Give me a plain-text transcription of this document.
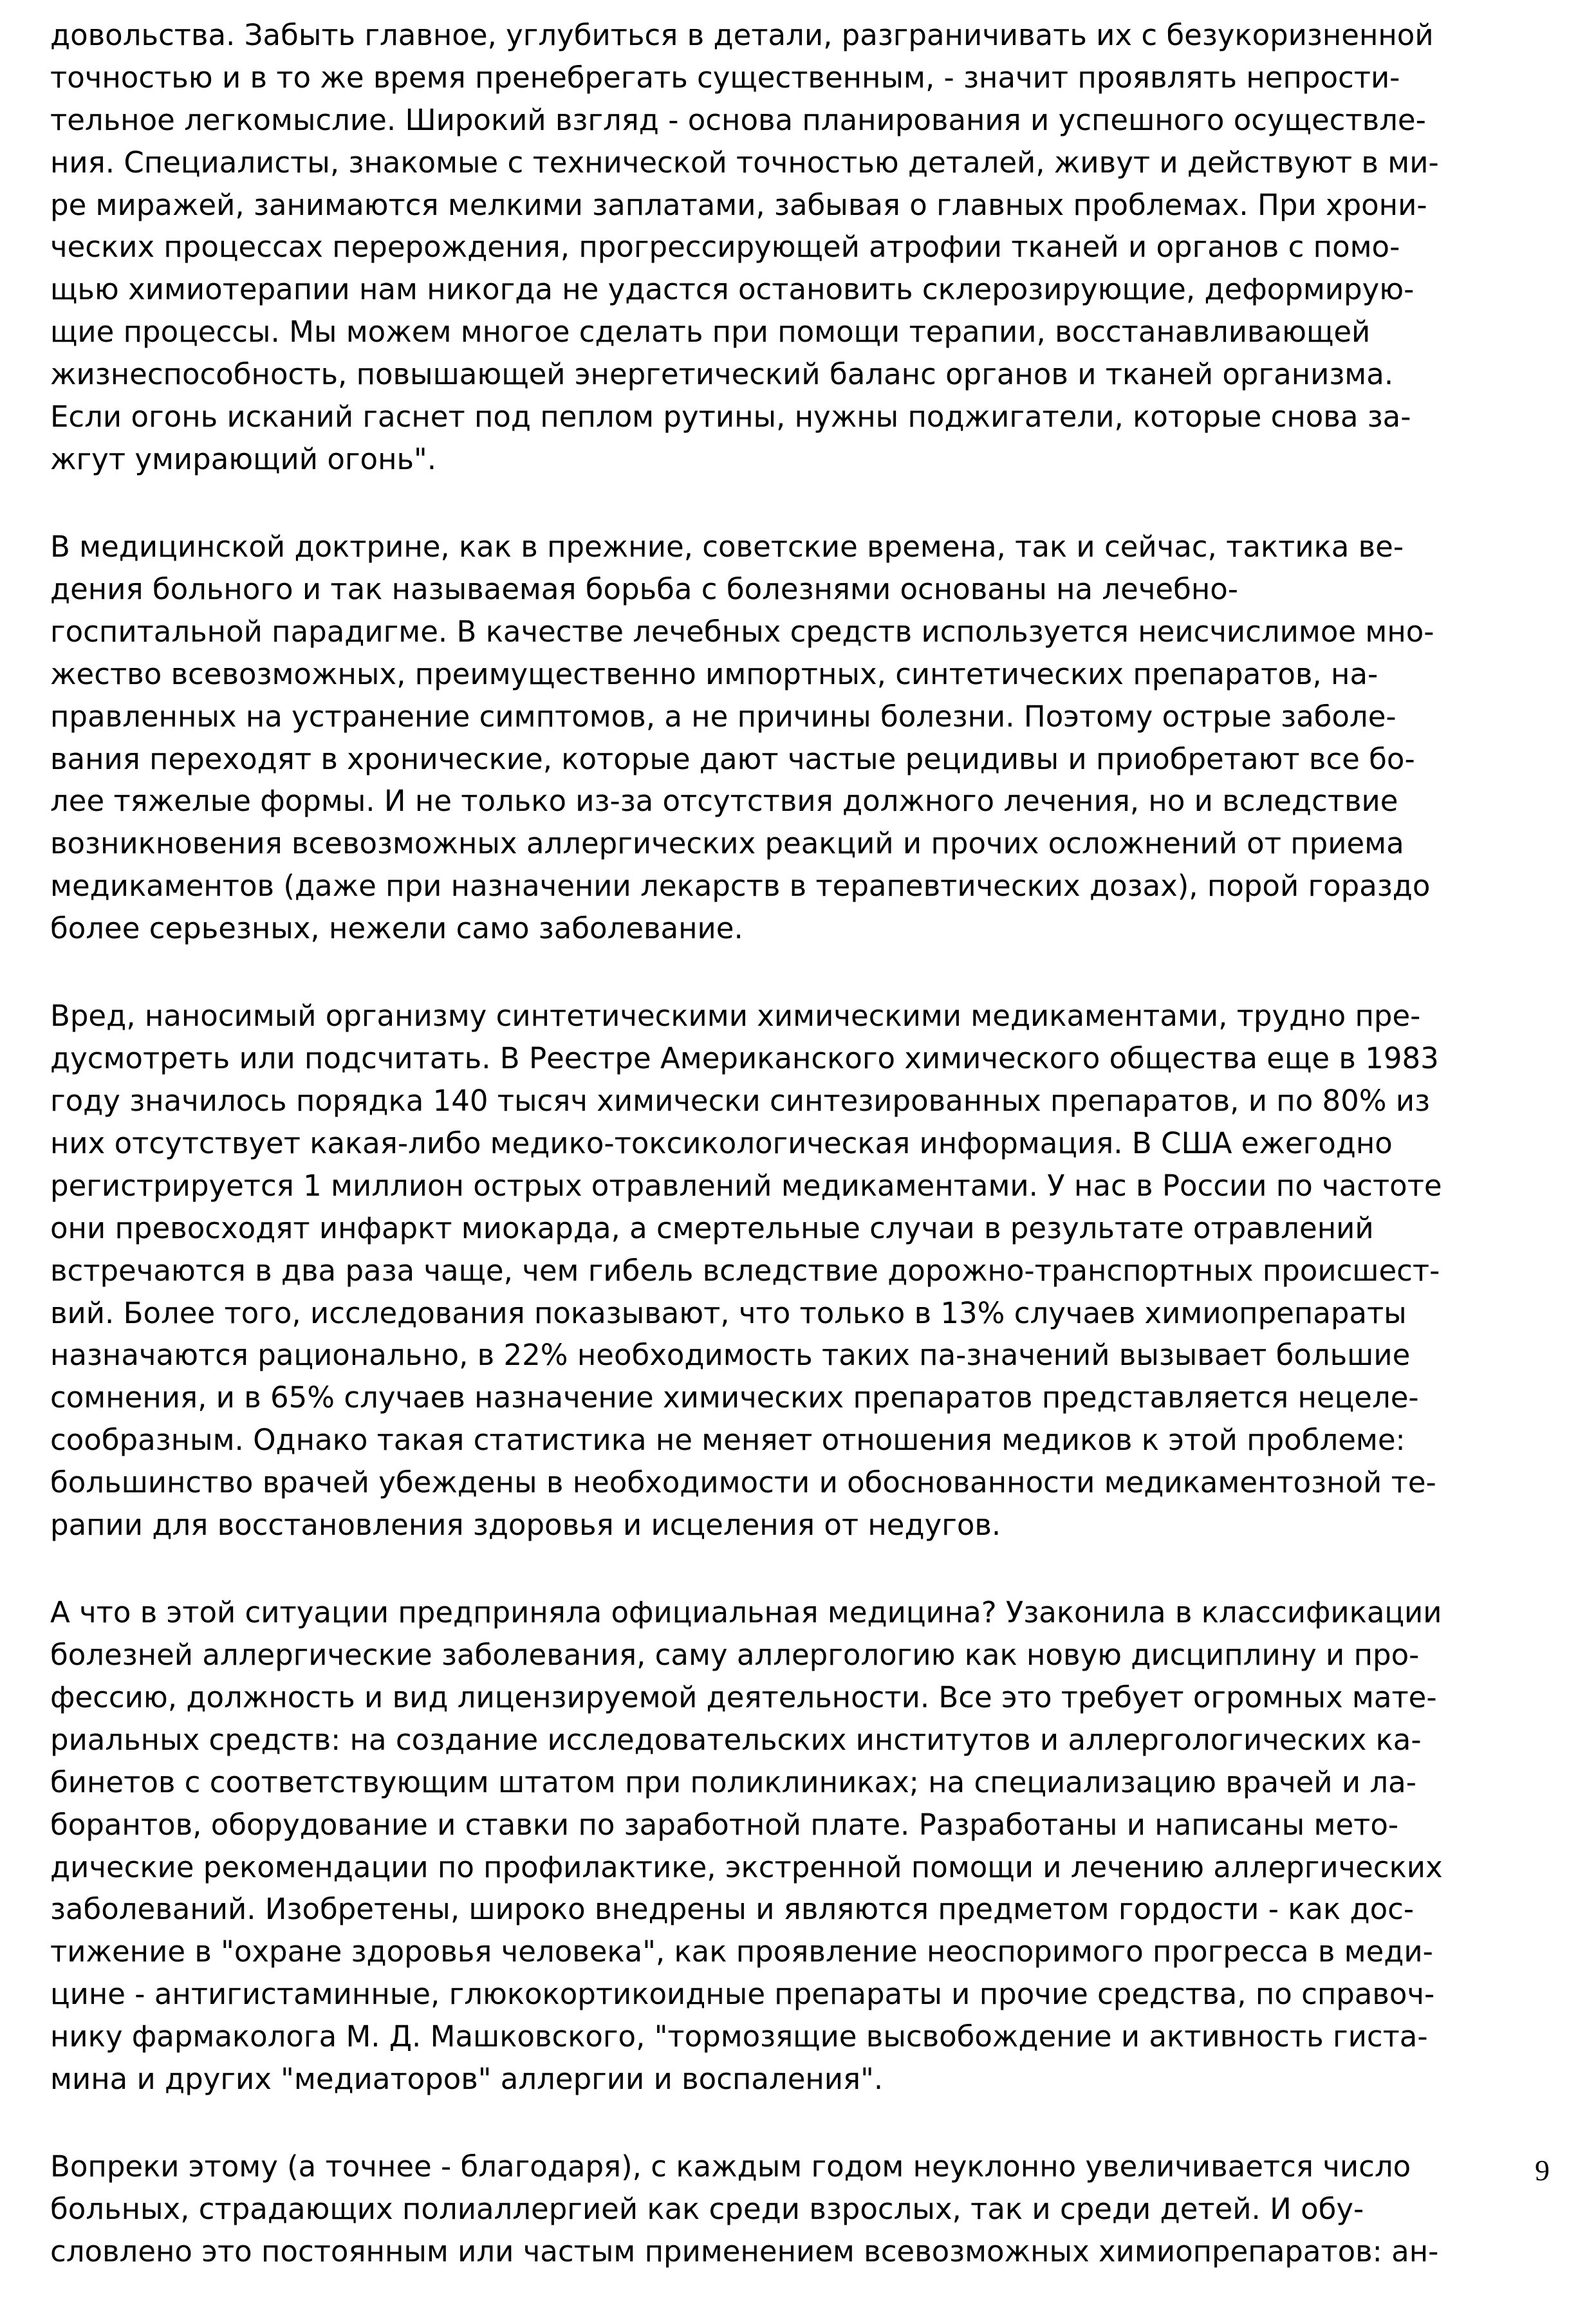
довольства. Забыть главное, углубиться в детали, разграничивать их с безукоризненной
точностью и в то же время пренебрегать существенным, - значит проявлять непрости-
тельное легкомыслие. Широкий взгляд - основа планирования и успешного осуществле-
ния. Специалисты, знакомые с технической точностью деталей, живут и действуют в ми-
ре миражей, занимаются мелкими заплатами, забывая о главных проблемах. При хрони-
ческих процессах перерождения, прогрессирующей атрофии тканей и органов с помо-
щью химиотерапии нам никогда не удастся остановить склерозирующие, деформирую-
щие процессы. Мы можем многое сделать при помощи терапии, восстанавливающей
жизнеспособность, повышающей энергетический баланс органов и тканей организма.
Если огонь исканий гаснет под пеплом рутины, нужны поджигатели, которые снова за-
жгут умирающий огонь".
В медицинской доктрине, как в прежние, советские времена, так и сейчас, тактика ве-
дения больного и так называемая борьба с болезнями основаны на лечебно-
госпитальной парадигме. В качестве лечебных средств используется неисчислимое мно-
жество всевозможных, преимущественно импортных, синтетических препаратов, на-
правленных на устранение симптомов, а не причины болезни. Поэтому острые заболе-
вания переходят в хронические, которые дают частые рецидивы и приобретают все бо-
лее тяжелые формы. И не только из-за отсутствия должного лечения, но и вследствие
возникновения всевозможных аллергических реакций и прочих осложнений от приема
медикаментов (даже при назначении лекарств в терапевтических дозах), порой гораздо
более серьезных, нежели само заболевание.
Вред, наносимый организму синтетическими химическими медикаментами, трудно пре-
дусмотреть или подсчитать. В Реестре Американского химического общества еще в 1983
году значилось порядка 140 тысяч химически синтезированных препаратов, и по 80% из
них отсутствует какая-либо медико-токсикологическая информация. В США ежегодно
регистрируется 1 миллион острых отравлений медикаментами. У нас в России по частоте
они превосходят инфаркт миокарда, а смертельные случаи в результате отравлений
встречаются в два раза чаще, чем гибель вследствие дорожно-транспортных происшест-
вий. Более того, исследования показывают, что только в 13% случаев химиопрепараты
назначаются рационально, в 22% необходимость таких па-значений вызывает большие
сомнения, и в 65% случаев назначение химических препаратов представляется нецеле-
сообразным. Однако такая статистика не меняет отношения медиков к этой проблеме:
большинство врачей убеждены в необходимости и обоснованности медикаментозной те-
рапии для восстановления здоровья и исцеления от недугов.
А что в этой ситуации предприняла официальная медицина? Узаконила в классификации
болезней аллергические заболевания, саму аллергологию как новую дисциплину и про-
фессию, должность и вид лицензируемой деятельности. Все это требует огромных мате-
риальных средств: на создание исследовательских институтов и аллергологических ка-
бинетов с соответствующим штатом при поликлиниках; на специализацию врачей и ла-
борантов, оборудование и ставки по заработной плате. Разработаны и написаны мето-
дические рекомендации по профилактике, экстренной помощи и лечению аллергических
заболеваний. Изобретены, широко внедрены и являются предметом гордости - как дос-
тижение в "охране здоровья человека", как проявление неоспоримого прогресса в меди-
цине - антигистаминные, глюкокортикоидные препараты и прочие средства, по справоч-
нику фармаколога М. Д. Машковского, "тормозящие высвобождение и активность гиста-
мина и других "медиаторов" аллергии и воспаления".
Вопреки этому (а точнее - благодаря), с каждым годом неуклонно увеличивается число
больных, страдающих полиаллергией как среди взрослых, так и среди детей. И обу-
словлено это постоянным или частым применением всевозможных химиопрепаратов: ан-
9
